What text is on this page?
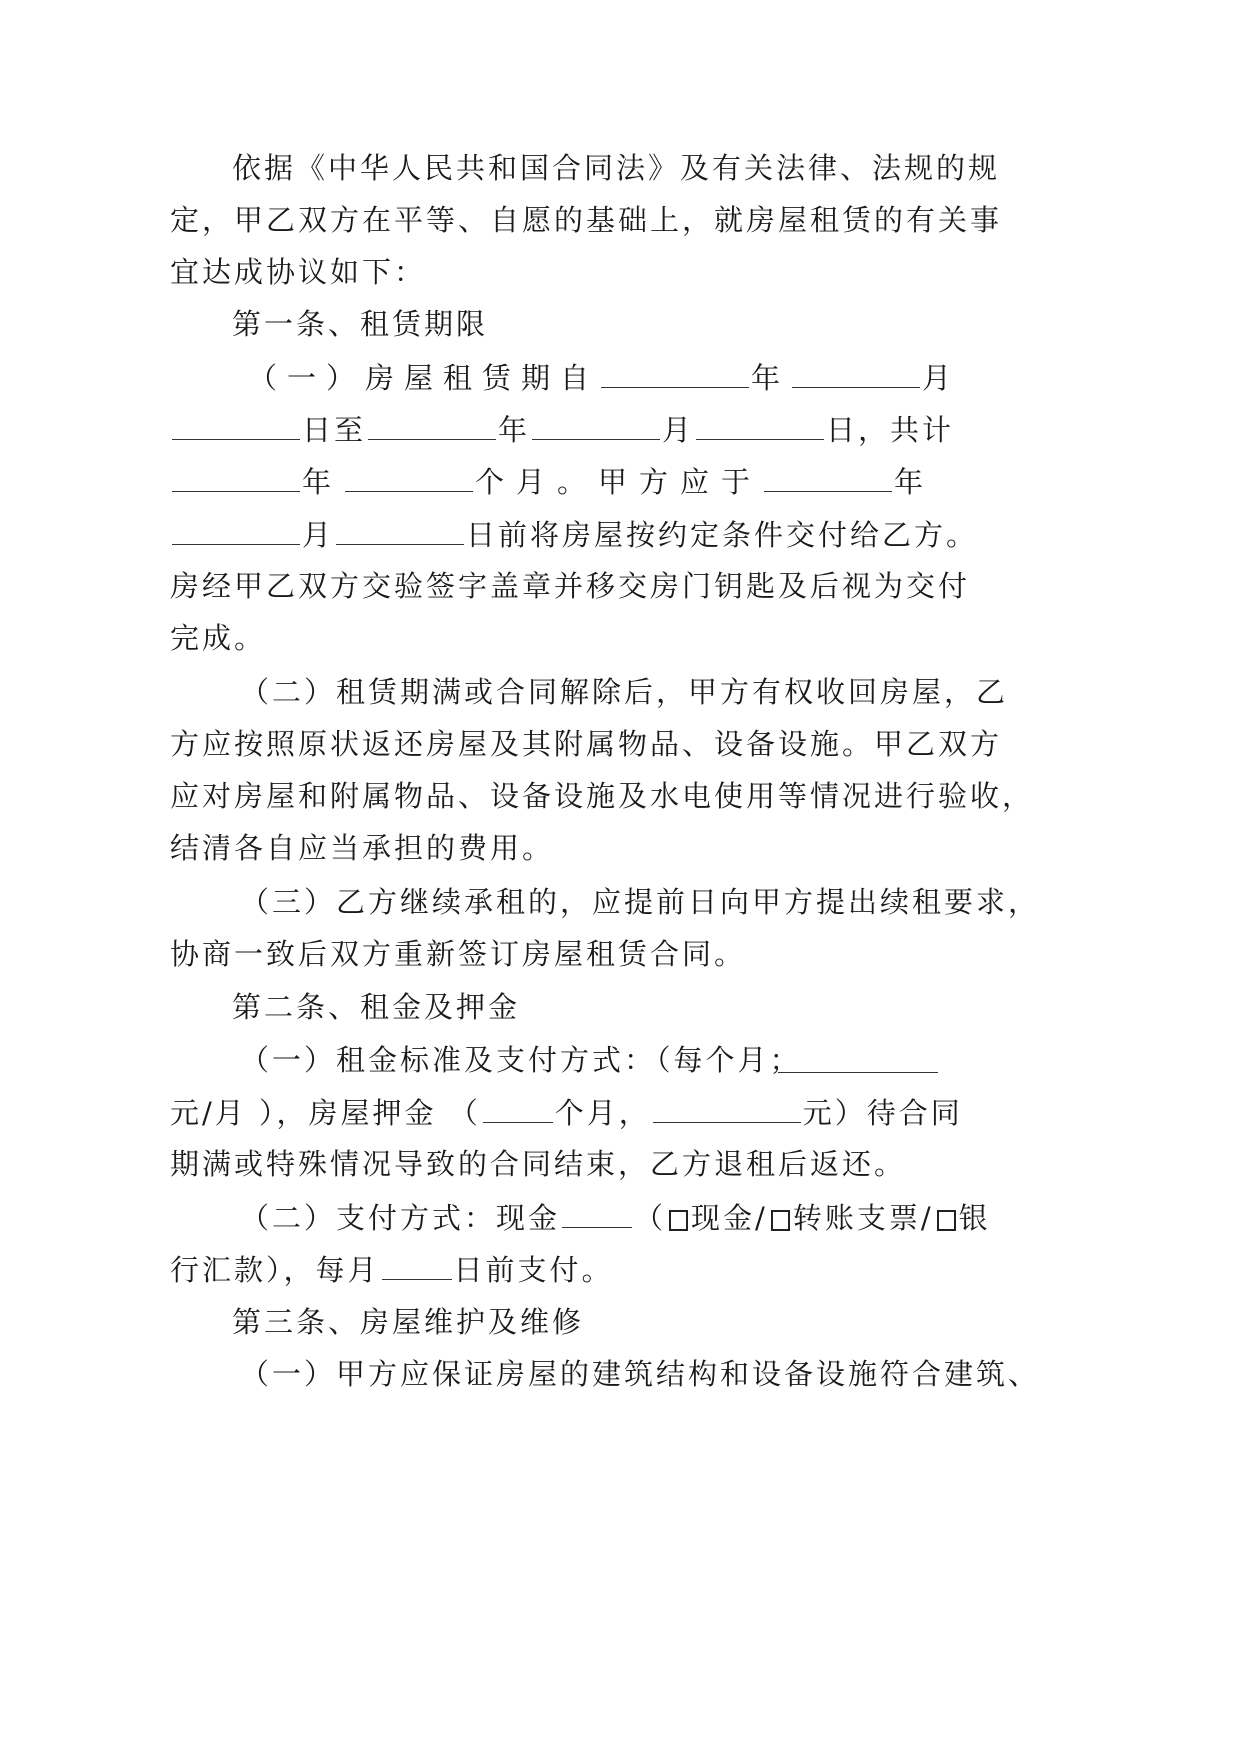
依据《中华人民共和国合同法》及有关法律、法规的规
定，甲乙双方在平等、自愿的基础上，就房屋租赁的有关事
宜达成协议如下：
第一条、租赁期限
（一）房屋租赁期自	年	月
日至	年	月	日，共计
年	个月。甲方应于	年
月	日前将房屋按约定条件交付给乙方。
房经甲乙双方交验签字盖章并移交房门钥匙及后视为交付
完成。
（二）租赁期满或合同解除后，甲方有权收回房屋，乙
方应按照原状返还房屋及其附属物品、设备设施。甲乙双方
应对房屋和附属物品、设备设施及水电使用等情况进行验收，
结清各自应当承担的费用。
（三）乙方继续承租的，应提前日向甲方提出续租要求，
协商一致后双方重新签订房屋租赁合同。
第二条、租金及押金
（一）租金标准及支付方式：（每个月；
元/月 ），房屋押金 （	个月，	元）待合同
期满或特殊情况导致的合同结束，乙方退租后返还。
（二）支付方式：现金	（ 现金/ 转账支票/ 银
行汇款），每月	日前支付。
第三条、房屋维护及维修
（一）甲方应保证房屋的建筑结构和设备设施符合建筑、
